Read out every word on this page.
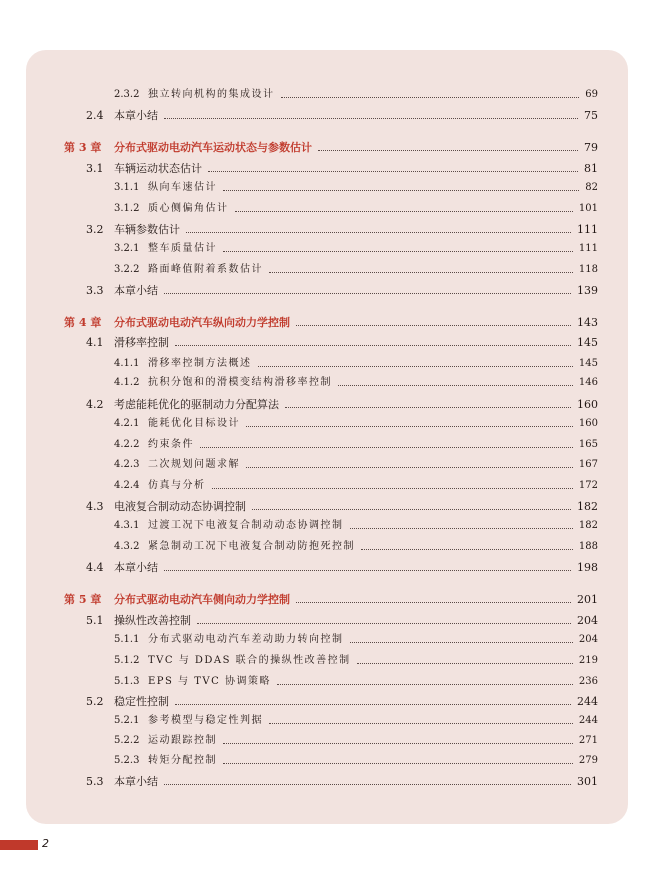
2.3.2 独立转向机构的集成设计	69
2.4 本章小结	75
第 3 章 分布式驱动电动汽车运动状态与参数估计	79
3.1 车辆运动状态估计	81
3.1.1 纵向车速估计	82
3.1.2 质心侧偏角估计	101
3.2 车辆参数估计	111
3.2.1 整车质量估计	111
3.2.2 路面峰值附着系数估计	118
3.3 本章小结	139
第 4 章 分布式驱动电动汽车纵向动力学控制	143
4.1 滑移率控制	145
4.1.1 滑移率控制方法概述	145
4.1.2 抗积分饱和的滑模变结构滑移率控制	146
4.2 考虑能耗优化的驱制动力分配算法	160
4.2.1 能耗优化目标设计	160
4.2.2 约束条件	165
4.2.3 二次规划问题求解	167
4.2.4 仿真与分析	172
4.3 电液复合制动动态协调控制	182
4.3.1 过渡工况下电液复合制动动态协调控制	182
4.3.2 紧急制动工况下电液复合制动防抱死控制	188
4.4 本章小结	198
第 5 章 分布式驱动电动汽车侧向动力学控制	201
5.1 操纵性改善控制	204
5.1.1 分布式驱动电动汽车差动助力转向控制	204
5.1.2 TVC 与 DDAS 联合的操纵性改善控制	219
5.1.3 EPS 与 TVC 协调策略	236
5.2 稳定性控制	244
5.2.1 参考模型与稳定性判据	244
5.2.2 运动跟踪控制	271
5.2.3 转矩分配控制	279
5.3 本章小结	301
2
